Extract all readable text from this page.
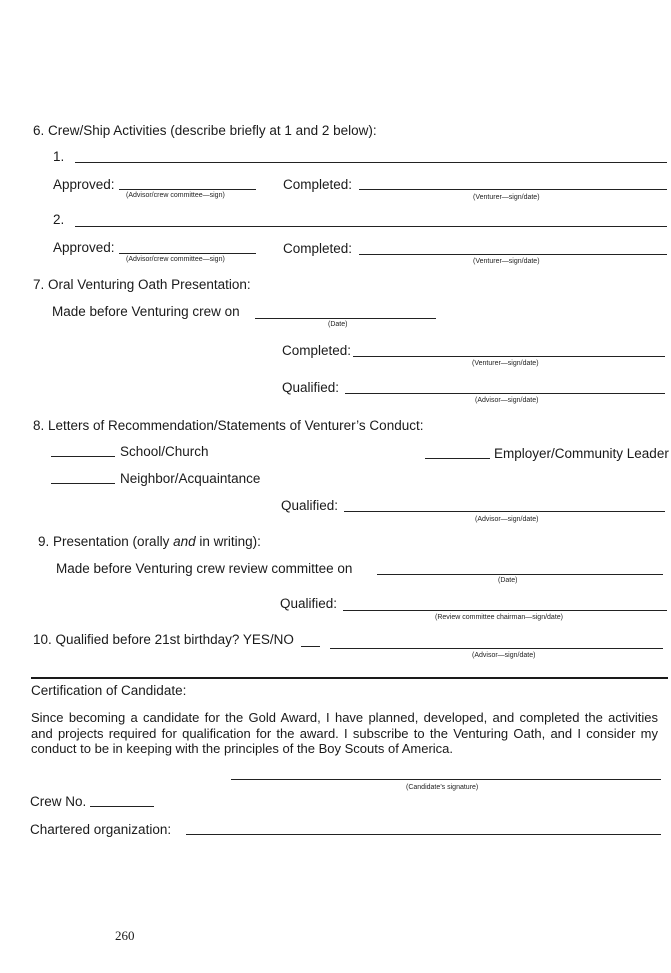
6. Crew/Ship Activities (describe briefly at 1 and 2 below):
1.
Approved:
(Advisor/crew committee—sign)
Completed:
(Venturer—sign/date)
2.
Approved:
(Advisor/crew committee—sign)
Completed:
(Venturer—sign/date)
7. Oral Venturing Oath Presentation:
Made before Venturing crew on
(Date)
Completed:
(Venturer—sign/date)
Qualified:
(Advisor—sign/date)
8. Letters of Recommendation/Statements of Venturer’s Conduct:
School/Church	Employer/Community Leader
Neighbor/Acquaintance
Qualified:
(Advisor—sign/date)
9. Presentation (orally and in writing):
Made before Venturing crew review committee on
(Date)
Qualified:
(Review committee chairman—sign/date)
10. Qualified before 21st birthday? YES/NO
(Advisor—sign/date)
Certification of Candidate:
Since becoming a candidate for the Gold Award, I have planned, developed, and completed the activities and projects required for qualification for the award. I subscribe to the Venturing Oath, and I consider my conduct to be in keeping with the principles of the Boy Scouts of America.
(Candidate’s signature)
Crew No.
Chartered organization:
260
